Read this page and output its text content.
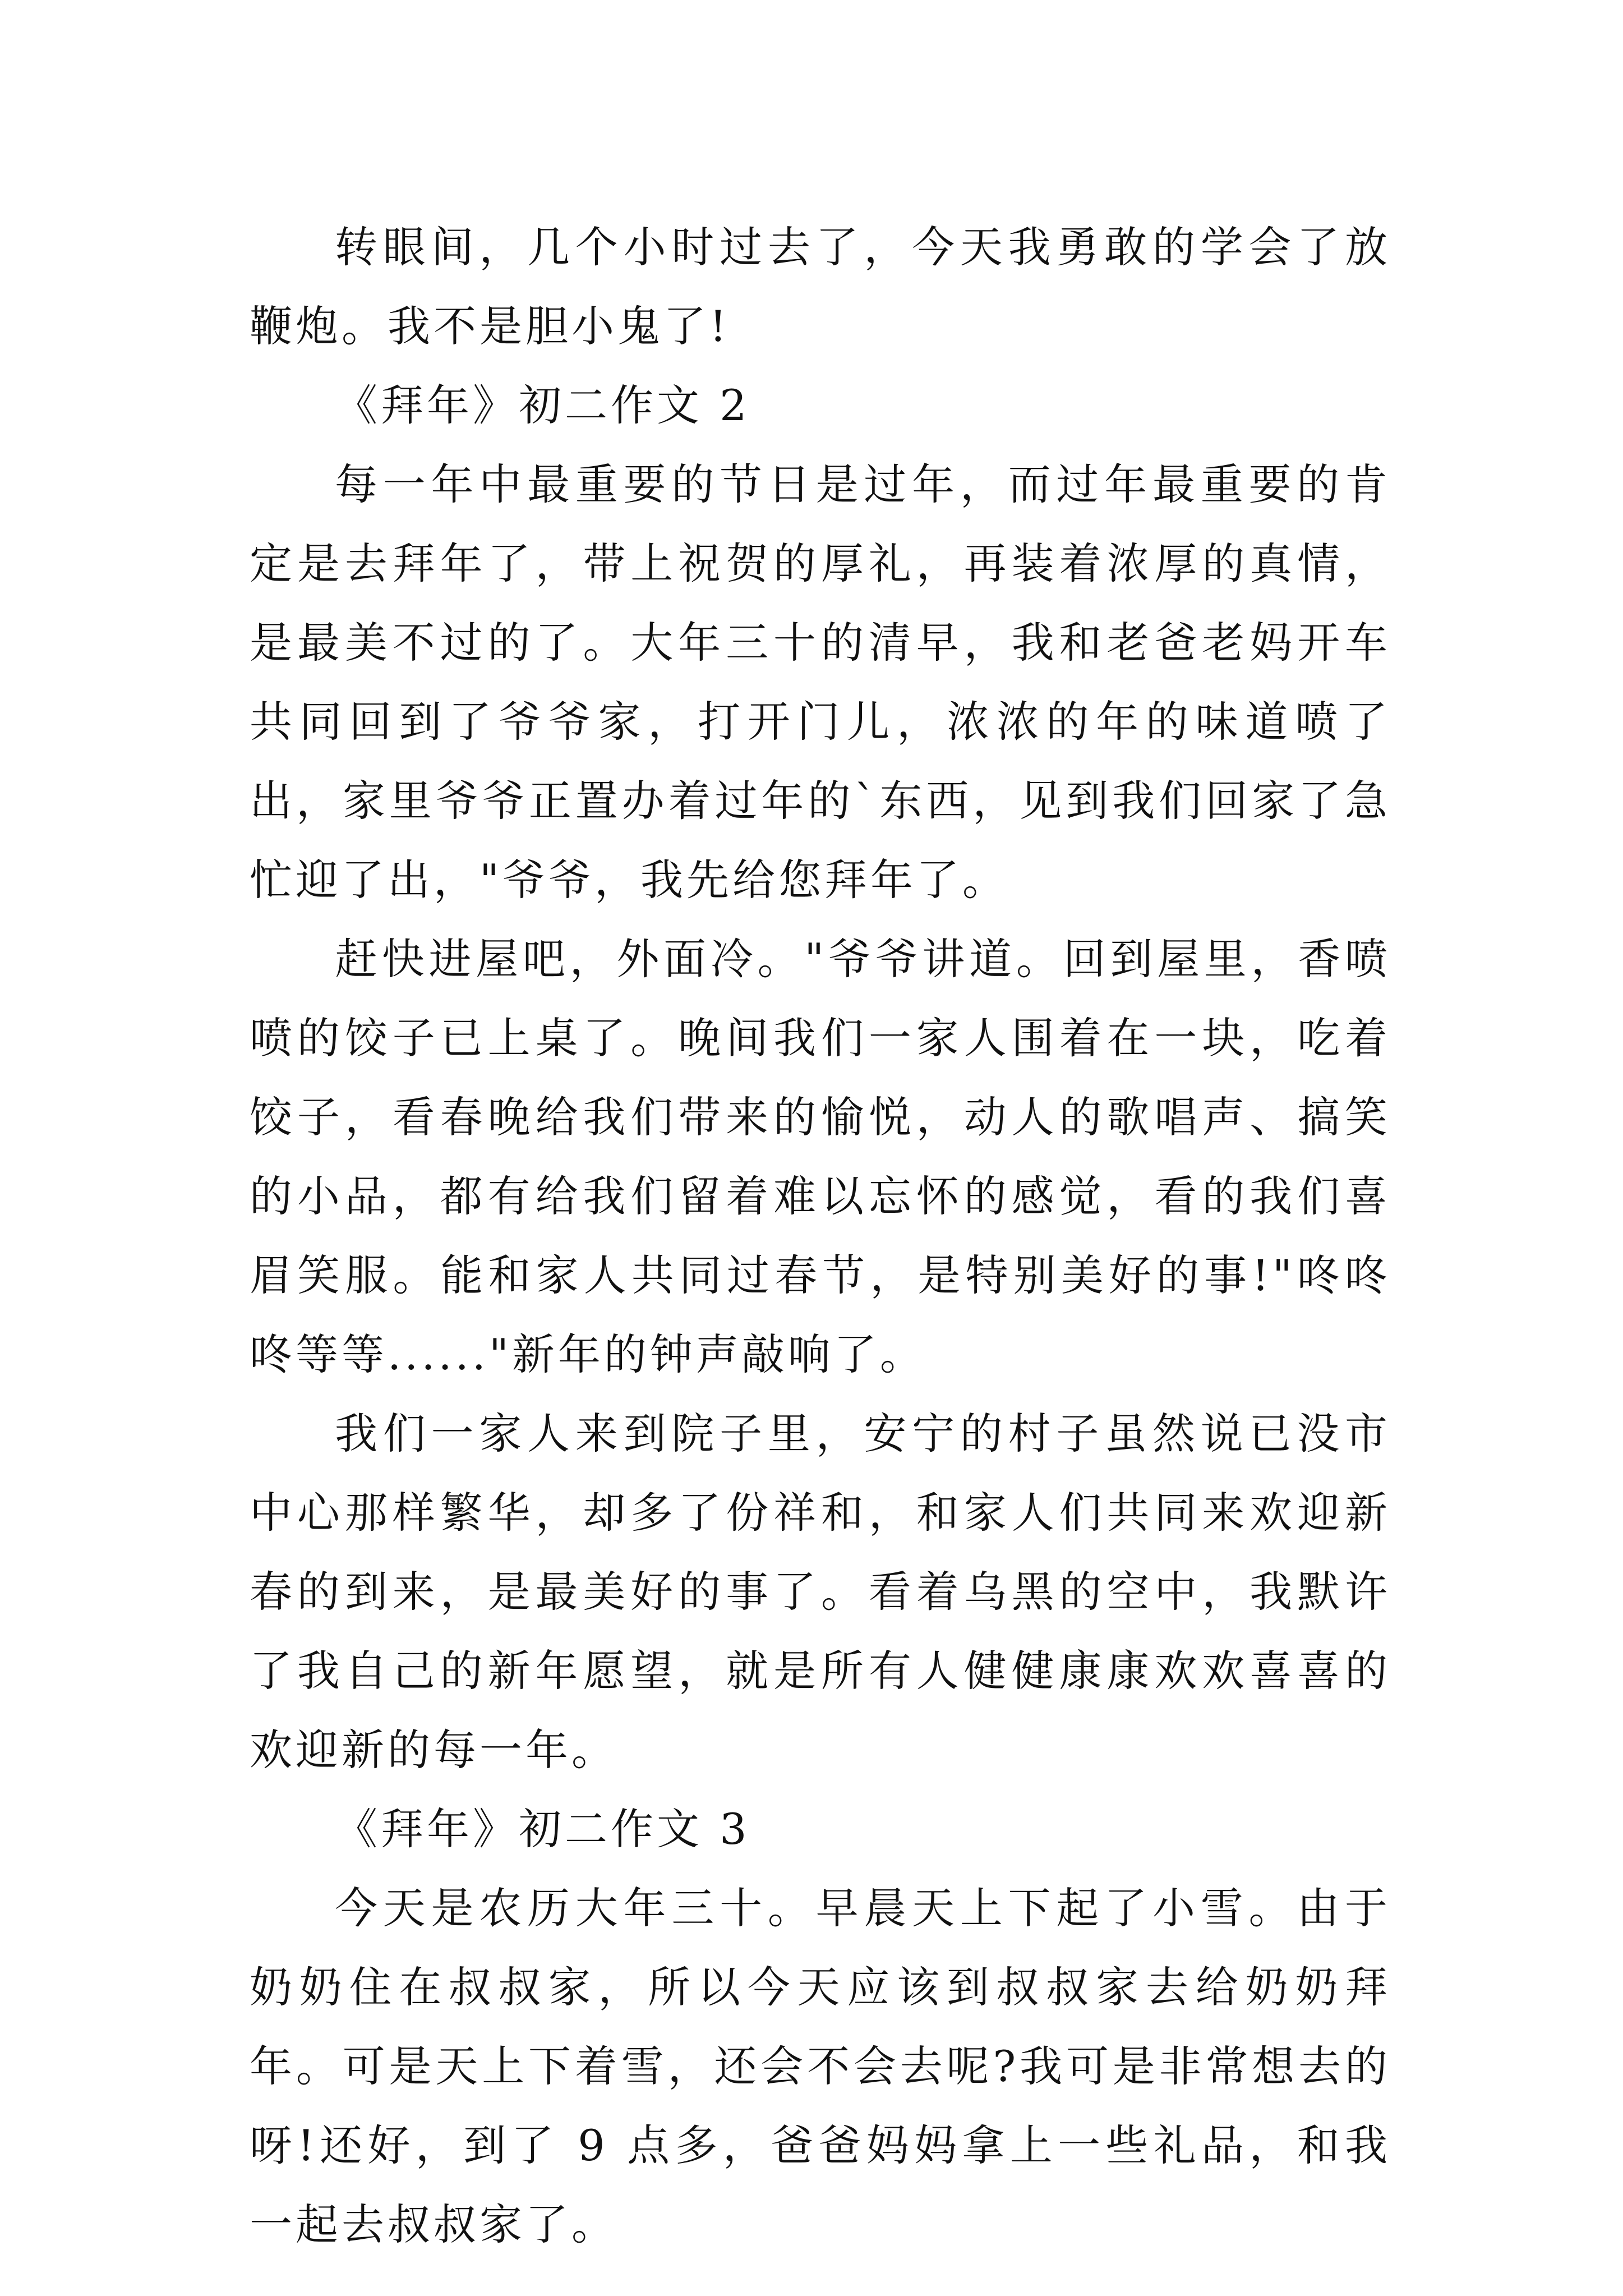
转眼间，几个小时过去了，今天我勇敢的学会了放鞭炮。我不是胆小鬼了!

《拜年》初二作文 2

每一年中最重要的节日是过年，而过年最重要的肯定是去拜年了，带上祝贺的厚礼，再装着浓厚的真情，是最美不过的了。大年三十的清早，我和老爸老妈开车共同回到了爷爷家，打开门儿，浓浓的年的味道喷了出，家里爷爷正置办着过年的`东西，见到我们回家了急忙迎了出，"爷爷，我先给您拜年了。

赶快进屋吧，外面冷。"爷爷讲道。回到屋里，香喷喷的饺子已上桌了。晚间我们一家人围着在一块，吃着饺子，看春晚给我们带来的愉悦，动人的歌唱声、搞笑的小品，都有给我们留着难以忘怀的感觉，看的我们喜眉笑服。能和家人共同过春节，是特别美好的事!"咚咚咚等等......"新年的钟声敲响了。

我们一家人来到院子里，安宁的村子虽然说已没市中心那样繁华，却多了份祥和，和家人们共同来欢迎新春的到来，是最美好的事了。看着乌黑的空中，我默许了我自己的新年愿望，就是所有人健健康康欢欢喜喜的欢迎新的每一年。

《拜年》初二作文 3

今天是农历大年三十。早晨天上下起了小雪。由于奶奶住在叔叔家，所以今天应该到叔叔家去给奶奶拜年。可是天上下着雪，还会不会去呢?我可是非常想去的呀!还好，到了 9 点多，爸爸妈妈拿上一些礼品，和我一起去叔叔家了。
